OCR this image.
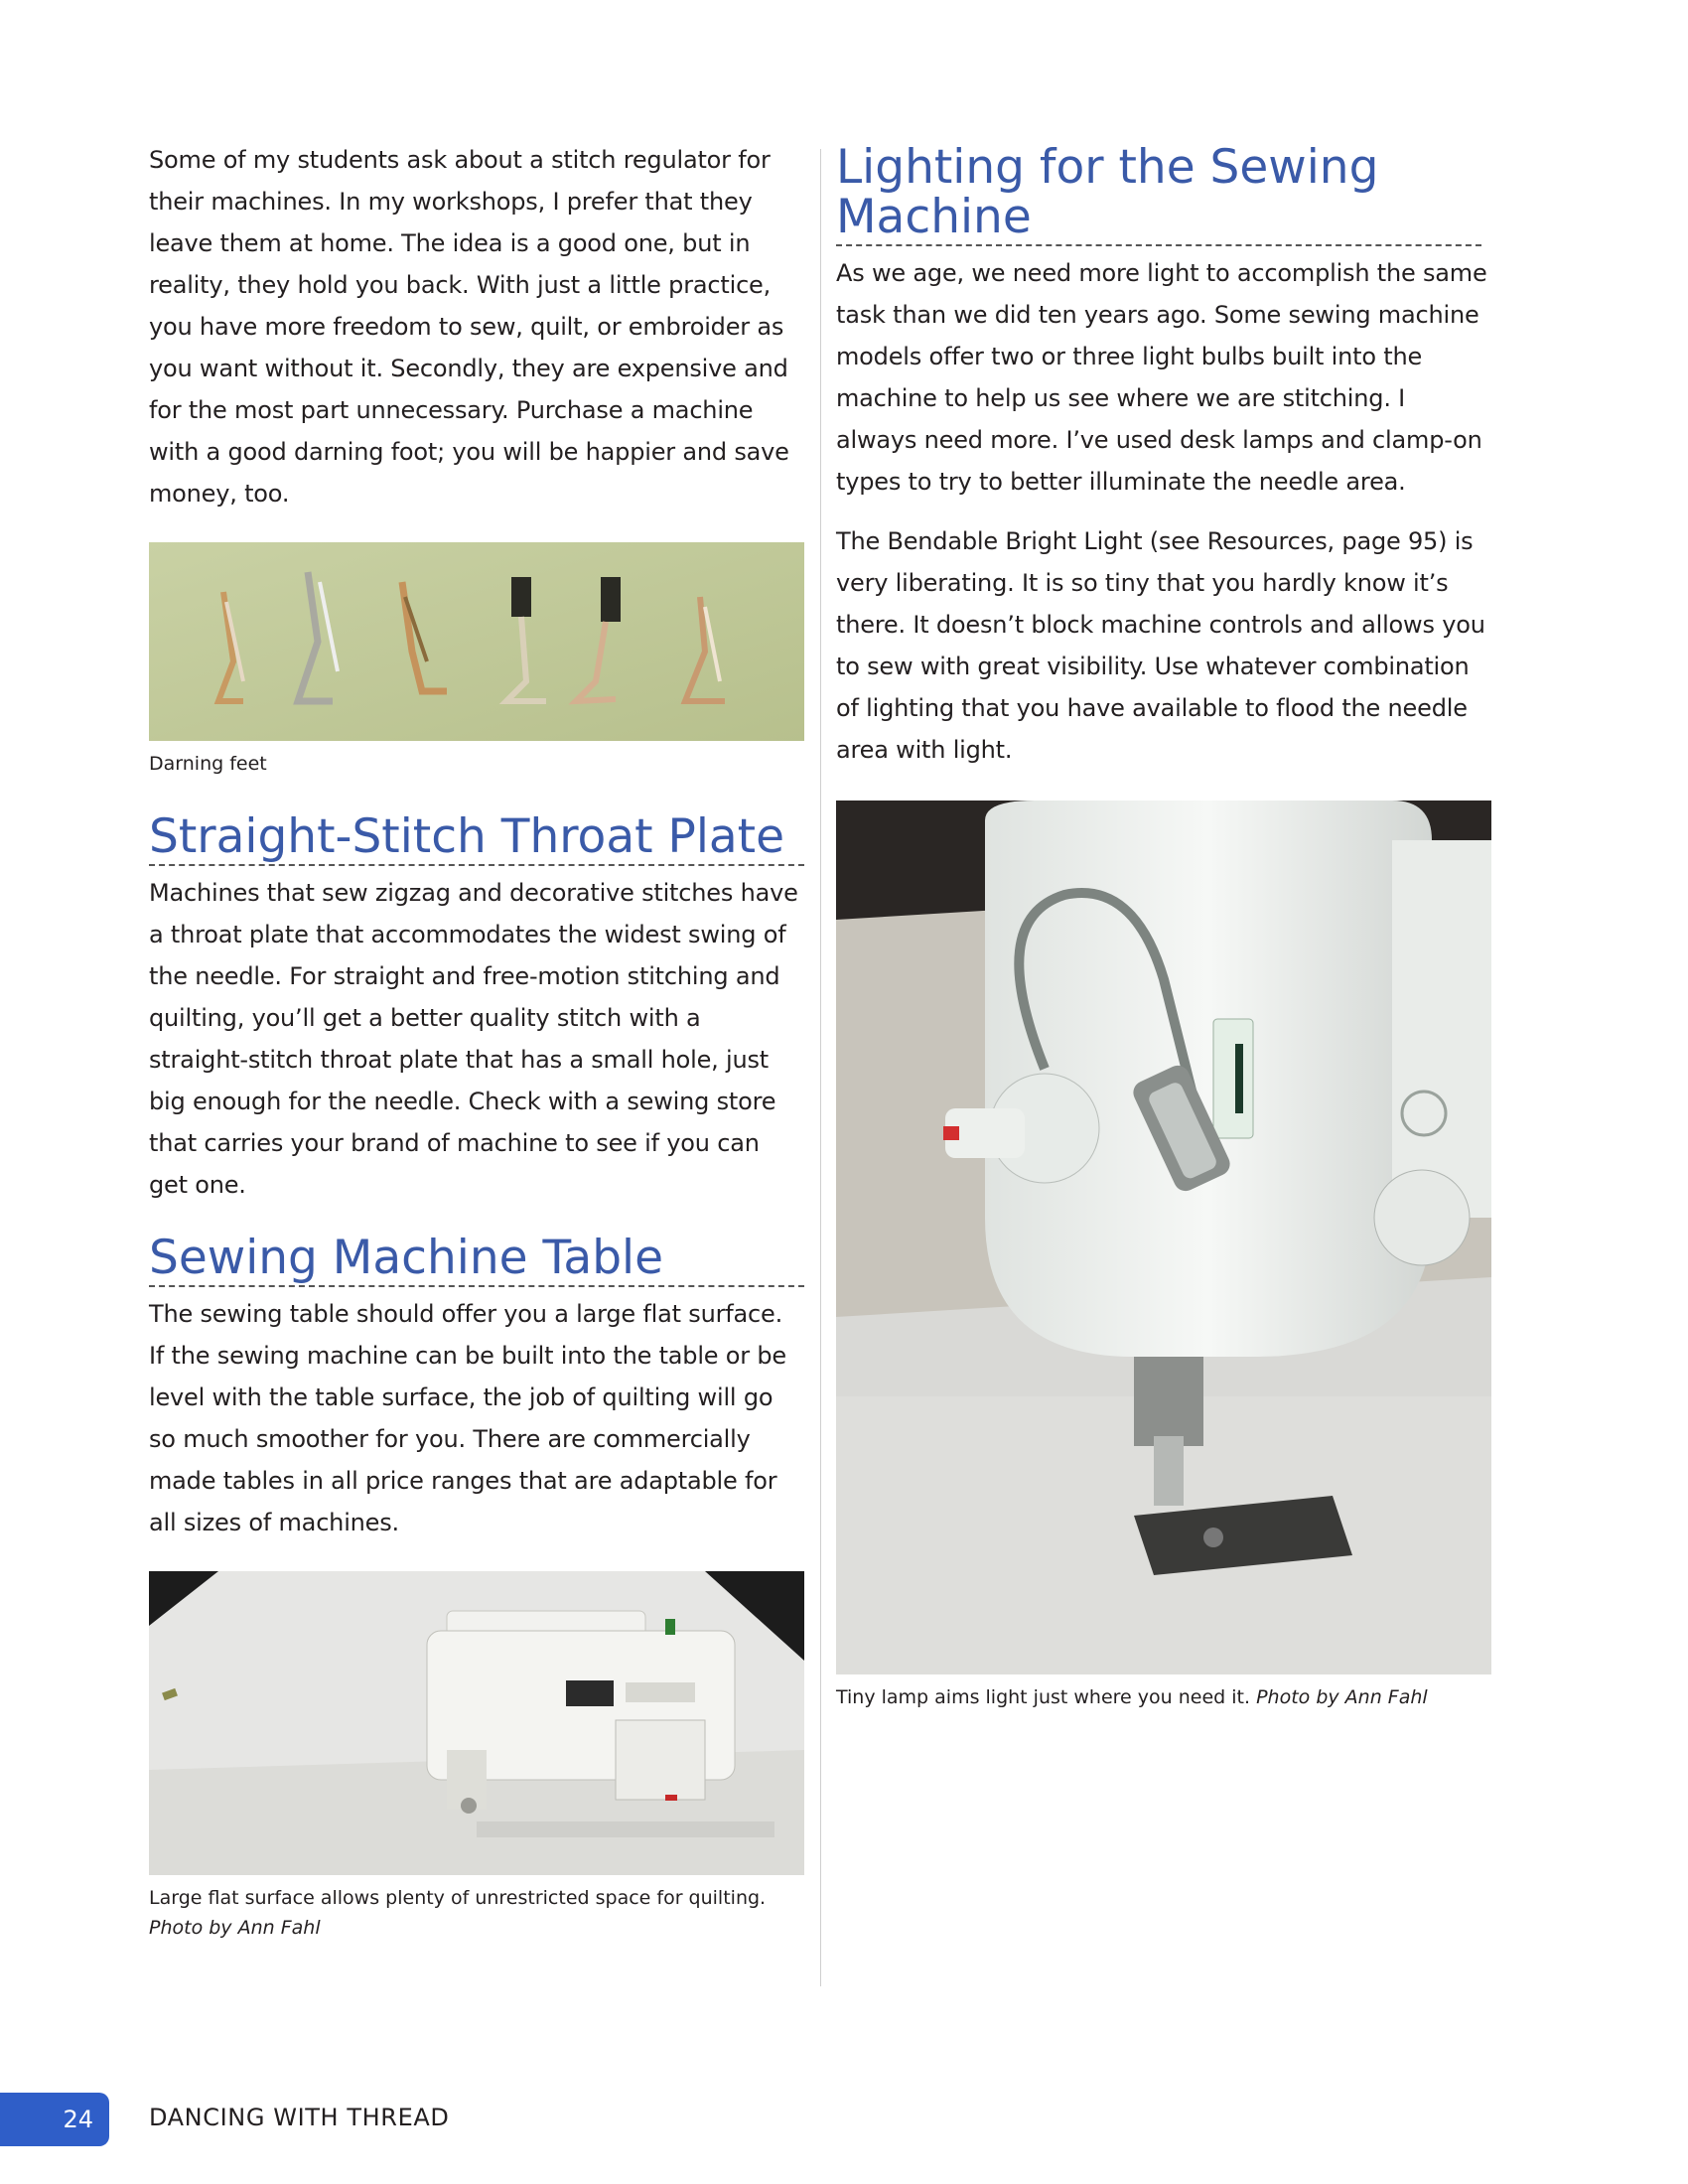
Some of my students ask about a stitch regulator for their machines. In my workshops, I prefer that they leave them at home. The idea is a good one, but in reality, they hold you back. With just a little practice, you have more freedom to sew, quilt, or embroider as you want without it. Secondly, they are expensive and for the most part unnecessary. Purchase a machine with a good darning foot; you will be happier and save money, too.

Darning feet

Straight-Stitch Throat Plate

Machines that sew zigzag and decorative stitches have a throat plate that accommodates the widest swing of the needle. For straight and free-motion stitching and quilting, you’ll get a better quality stitch with a straight-stitch throat plate that has a small hole, just big enough for the needle. Check with a sewing store that carries your brand of machine to see if you can get one.

Sewing Machine Table

The sewing table should offer you a large flat surface. If the sewing machine can be built into the table or be level with the table surface, the job of quilting will go so much smoother for you. There are commercially made tables in all price ranges that are adaptable for all sizes of machines.

Large flat surface allows plenty of unrestricted space for quilting.
Photo by Ann Fahl

Lighting for the Sewing Machine

As we age, we need more light to accomplish the same task than we did ten years ago. Some sewing machine models offer two or three light bulbs built into the machine to help us see where we are stitching. I always need more. I’ve used desk lamps and clamp-on types to try to better illuminate the needle area.

The Bendable Bright Light (see Resources, page 95) is very liberating. It is so tiny that you hardly know it’s there. It doesn’t block machine controls and allows you to sew with great visibility. Use whatever combination of lighting that you have available to flood the needle area with light.

Tiny lamp aims light just where you need it. Photo by Ann Fahl

24	DANCING WITH THREAD
